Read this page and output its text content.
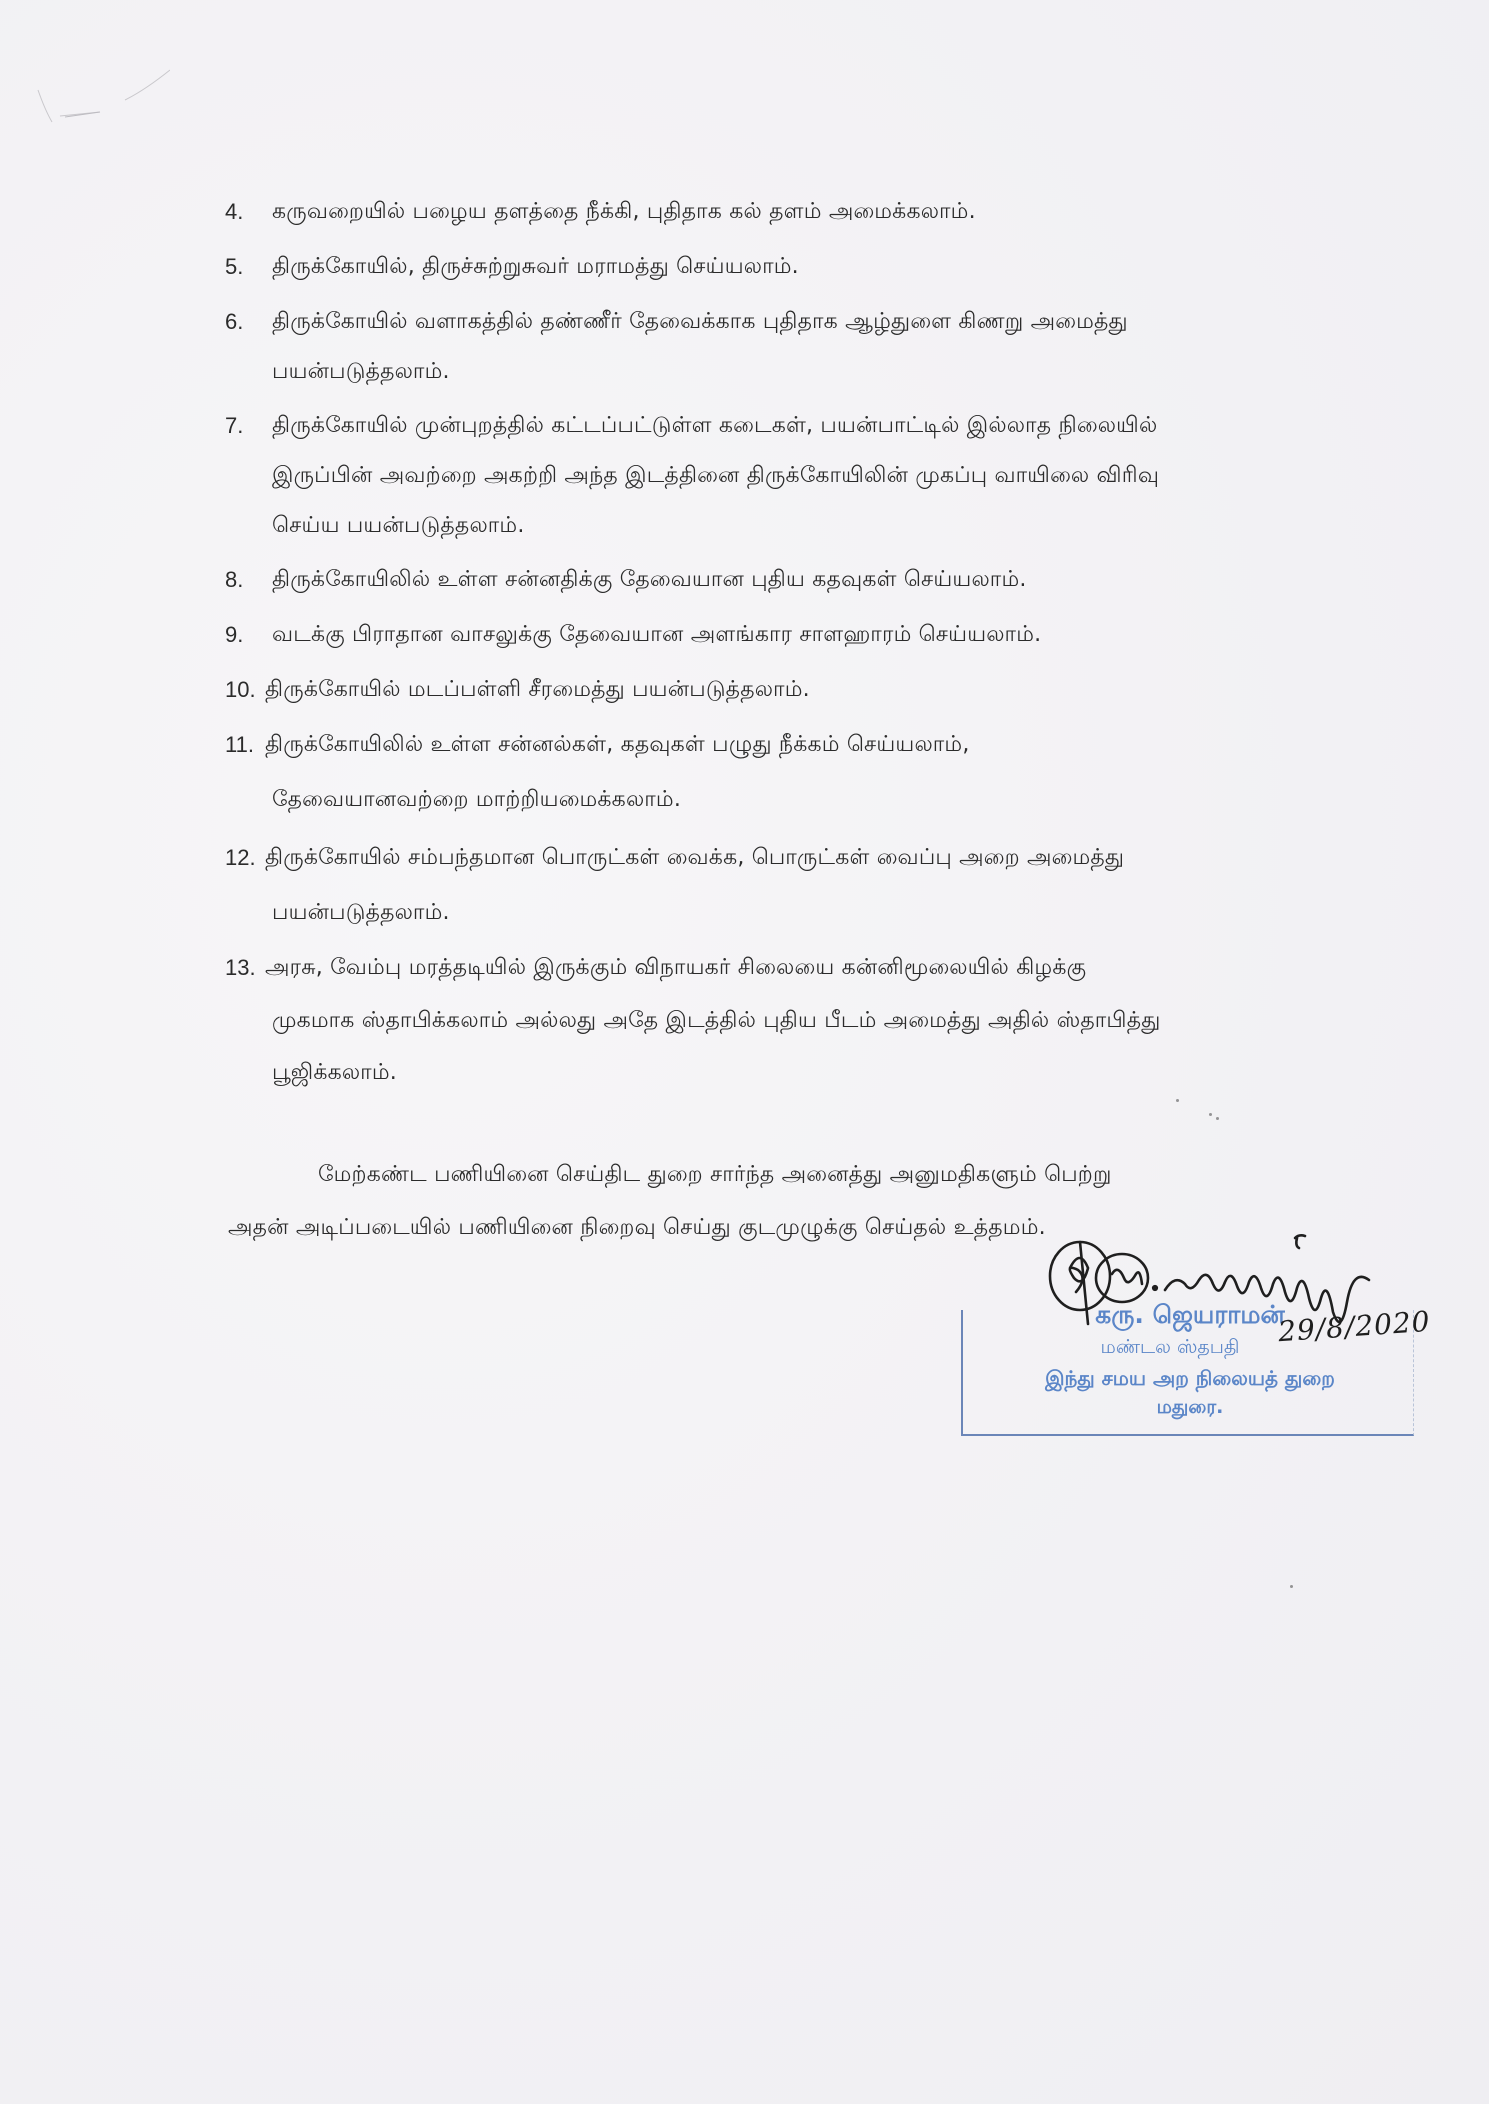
4. கருவறையில் பழைய தளத்தை நீக்கி, புதிதாக கல் தளம் அமைக்கலாம்.
5. திருக்கோயில், திருச்சுற்றுசுவர் மராமத்து செய்யலாம்.
6. திருக்கோயில் வளாகத்தில் தண்ணீர் தேவைக்காக புதிதாக ஆழ்துளை கிணறு அமைத்து
பயன்படுத்தலாம்.
7. திருக்கோயில் முன்புறத்தில் கட்டப்பட்டுள்ள கடைகள், பயன்பாட்டில் இல்லாத நிலையில்
இருப்பின் அவற்றை அகற்றி அந்த இடத்தினை திருக்கோயிலின் முகப்பு வாயிலை விரிவு
செய்ய பயன்படுத்தலாம்.
8. திருக்கோயிலில் உள்ள சன்னதிக்கு தேவையான புதிய கதவுகள் செய்யலாம்.
9. வடக்கு பிராதான வாசலுக்கு தேவையான அளங்கார சாளஹாரம் செய்யலாம்.
10. திருக்கோயில் மடப்பள்ளி சீரமைத்து பயன்படுத்தலாம்.
11. திருக்கோயிலில் உள்ள சன்னல்கள், கதவுகள் பழுது நீக்கம் செய்யலாம்,
தேவையானவற்றை மாற்றியமைக்கலாம்.
12. திருக்கோயில் சம்பந்தமான பொருட்கள் வைக்க, பொருட்கள் வைப்பு அறை அமைத்து
பயன்படுத்தலாம்.
13. அரசு, வேம்பு மரத்தடியில் இருக்கும் விநாயகர் சிலையை கன்னிமூலையில் கிழக்கு
முகமாக ஸ்தாபிக்கலாம் அல்லது அதே இடத்தில் புதிய பீடம் அமைத்து அதில் ஸ்தாபித்து
பூஜிக்கலாம்.
மேற்கண்ட பணியினை செய்திட துறை சார்ந்த அனைத்து அனுமதிகளும் பெற்று
அதன் அடிப்படையில் பணியினை நிறைவு செய்து குடமுழுக்கு செய்தல் உத்தமம்.
கரு. ஜெயராமன்
மண்டல ஸ்தபதி
இந்து சமய அற நிலையத் துறை
மதுரை.
29/8/2020
